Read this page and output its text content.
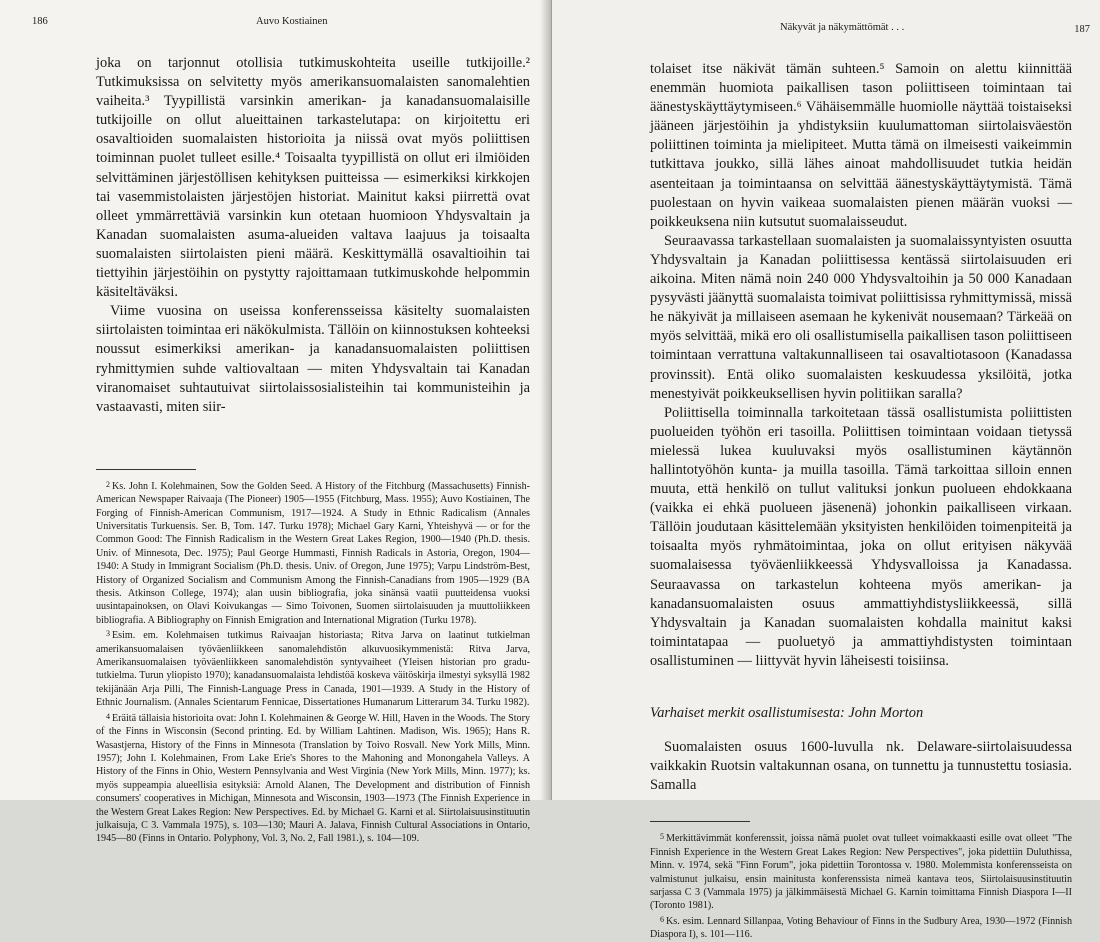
186	Auvo Kostiainen

joka on tarjonnut otollisia tutkimuskohteita useille tutkijoille.² Tutkimuksissa on selvitetty myös amerikansuomalaisten sanomalehtien vaiheita.³ Tyypillistä varsinkin amerikan- ja kanadansuomalaisille tutkijoille on ollut alueittainen tarkastelutapa: on kirjoitettu eri osavaltioiden suomalaisten historioita ja niissä ovat myös poliittisen toiminnan puolet tulleet esille.⁴ Toisaalta tyypillistä on ollut eri ilmiöiden selvittäminen järjestöllisen kehityksen puitteissa — esimerkiksi kirkkojen tai vasemmistolaisten järjestöjen historiat. Mainitut kaksi piirrettä ovat olleet ymmärrettäviä varsinkin kun otetaan huomioon Yhdysvaltain ja Kanadan suomalaisten asuma-alueiden valtava laajuus ja toisaalta suomalaisten siirtolaisten pieni määrä. Keskittymällä osavaltioihin tai tiettyihin järjestöihin on pystytty rajoittamaan tutkimuskohde helpommin käsiteltäväksi.

Viime vuosina on useissa konferensseissa käsitelty suomalaisten siirtolaisten toimintaa eri näkökulmista. Tällöin on kiinnostuksen kohteeksi noussut esimerkiksi amerikan- ja kanadansuomalaisten poliittisen ryhmittymien suhde valtiovaltaan — miten Yhdysvaltain tai Kanadan viranomaiset suhtautuivat siirtolaissosialisteihin tai kommunisteihin ja vastaavasti, miten siir-

2 Ks. John I. Kolehmainen, Sow the Golden Seed. A History of the Fitchburg (Massachusetts) Finnish-American Newspaper Raivaaja (The Pioneer) 1905—1955 (Fitchburg, Mass. 1955); Auvo Kostiainen, The Forging of Finnish-American Communism, 1917—1924. A Study in Ethnic Radicalism (Annales Universitatis Turkuensis. Ser. B, Tom. 147. Turku 1978); Michael Gary Karni, Yhteishyvä — or for the Common Good: The Finnish Radicalism in the Western Great Lakes Region, 1900—1940 (Ph.D. thesis. Univ. of Minnesota, Dec. 1975); Paul George Hummasti, Finnish Radicals in Astoria, Oregon, 1904—1940: A Study in Immigrant Socialism (Ph.D. thesis. Univ. of Oregon, June 1975); Varpu Lindström-Best, History of Organized Socialism and Communism Among the Finnish-Canadians from 1905—1929 (BA thesis. Atkinson College, 1974); alan uusin bibliografia, joka sinänsä vaatii puutteidensa vuoksi uusintapainoksen, on Olavi Koivukangas — Simo Toivonen, Suomen siirtolaisuuden ja muuttoliikkeen bibliografia. A Bibliography on Finnish Emigration and International Migration (Turku 1978).

3 Esim. em. Kolehmaisen tutkimus Raivaajan historiasta; Ritva Jarva on laatinut tutkielman amerikansuomalaisen työväenliikkeen sanomalehdistön alkuvuosikymmenistä: Ritva Jarva, Amerikansuomalaisen työväenliikkeen sanomalehdistön syntyvaiheet (Yleisen historian pro gradu-tutkielma. Turun yliopisto 1970); kanadansuomalaista lehdistöä koskeva väitöskirja ilmestyi syksyllä 1982 tekijänään Arja Pilli, The Finnish-Language Press in Canada, 1901—1939. A Study in the History of Ethnic Journalism. (Annales Scientarum Fennicae, Dissertationes Humanarum Litterarum 34. Turku 1982).

4 Eräitä tällaisia historioita ovat: John I. Kolehmainen & George W. Hill, Haven in the Woods. The Story of the Finns in Wisconsin (Second printing. Ed. by William Lahtinen. Madison, Wis. 1965); Hans R. Wasastjerna, History of the Finns in Minnesota (Translation by Toivo Rosvall. New York Mills, Minn. 1957); John I. Kolehmainen, From Lake Erie's Shores to the Mahoning and Monongahela Valleys. A History of the Finns in Ohio, Western Pennsylvania and West Virginia (New York Mills, Minn. 1977); ks. myös suppeampia alueellisia esityksiä: Arnold Alanen, The Development and distribution of Finnish consumers' cooperatives in Michigan, Minnesota and Wisconsin, 1903—1973 (The Finnish Experience in the Western Great Lakes Region: New Perspectives. Ed. by Michael G. Karni et al. Siirtolaisuusinstituutin julkaisuja, C 3. Vammala 1975), s. 103—130; Mauri A. Jalava, Finnish Cultural Associations in Ontario, 1945—80 (Finns in Ontario. Polyphony, Vol. 3, No. 2, Fall 1981.), s. 104—109.

Näkyvät ja näkymättömät . . .	187

tolaiset itse näkivät tämän suhteen.⁵ Samoin on alettu kiinnittää enemmän huomiota paikallisen tason poliittiseen toimintaan tai äänestyskäyttäytymiseen.⁶ Vähäisemmälle huomiolle näyttää toistaiseksi jääneen järjestöihin ja yhdistyksiin kuulumattoman siirtolaisväestön poliittinen toiminta ja mielipiteet. Mutta tämä on ilmeisesti vaikeimmin tutkittava joukko, sillä lähes ainoat mahdollisuudet tutkia heidän asenteitaan ja toimintaansa on selvittää äänestyskäyttäytymistä. Tämä puolestaan on hyvin vaikeaa suomalaisten pienen määrän vuoksi — poikkeuksena niin kutsutut suomalaisseudut.

Seuraavassa tarkastellaan suomalaisten ja suomalaissyntyisten osuutta Yhdysvaltain ja Kanadan poliittisessa kentässä siirtolaisuuden eri aikoina. Miten nämä noin 240 000 Yhdysvaltoihin ja 50 000 Kanadaan pysyvästi jäänyttä suomalaista toimivat poliittisissa ryhmittymissä, missä he näkyivät ja millaiseen asemaan he kykenivät nousemaan? Tärkeää on myös selvittää, mikä ero oli osallistumisella paikallisen tason poliittiseen toimintaan verrattuna valtakunnalliseen tai osavaltiotasoon (Kanadassa provinssit). Entä oliko suomalaisten keskuudessa yksilöitä, jotka menestyivät poikkeuksellisen hyvin politiikan saralla?

Poliittisella toiminnalla tarkoitetaan tässä osallistumista poliittisten puolueiden työhön eri tasoilla. Poliittisen toimintaan voidaan tietyssä mielessä lukea kuuluvaksi myös osallistuminen käytännön hallintotyöhön kunta- ja muilla tasoilla. Tämä tarkoittaa silloin ennen muuta, että henkilö on tullut valituksi jonkun puolueen ehdokkaana (vaikka ei ehkä puolueen jäsenenä) johonkin paikalliseen virkaan. Tällöin joudutaan käsittelemään yksityisten henkilöiden toimenpiteitä ja toisaalta myös ryhmätoimintaa, joka on ollut erityisen näkyvää suomalaisessa työväenliikkeessä Yhdysvalloissa ja Kanadassa. Seuraavassa on tarkastelun kohteena myös amerikan- ja kanadansuomalaisten osuus ammattiyhdistysliikkeessä, sillä Yhdysvaltain ja Kanadan suomalaisten kohdalla mainitut kaksi toimintatapaa — puoluetyö ja ammattiyhdistysten toimintaan osallistuminen — liittyvät hyvin läheisesti toisiinsa.

Varhaiset merkit osallistumisesta: John Morton

Suomalaisten osuus 1600-luvulla nk. Delaware-siirtolaisuudessa vaikkakin Ruotsin valtakunnan osana, on tunnettu ja tunnustettu tosiasia. Samalla

5 Merkittävimmät konferenssit, joissa nämä puolet ovat tulleet voimakkaasti esille ovat olleet "The Finnish Experience in the Western Great Lakes Region: New Perspectives", joka pidettiin Duluthissa, Minn. v. 1974, sekä "Finn Forum", joka pidettiin Torontossa v. 1980. Molemmista konferensseista on valmistunut julkaisu, ensin mainitusta konferenssista nimeä kantava teos, Siirtolaisuusinstituutin sarjassa C 3 (Vammala 1975) ja jälkimmäisestä Michael G. Karnin toimittama Finnish Diaspora I—II (Toronto 1981).

6 Ks. esim. Lennard Sillanpaa, Voting Behaviour of Finns in the Sudbury Area, 1930—1972 (Finnish Diaspora I), s. 101—116.
